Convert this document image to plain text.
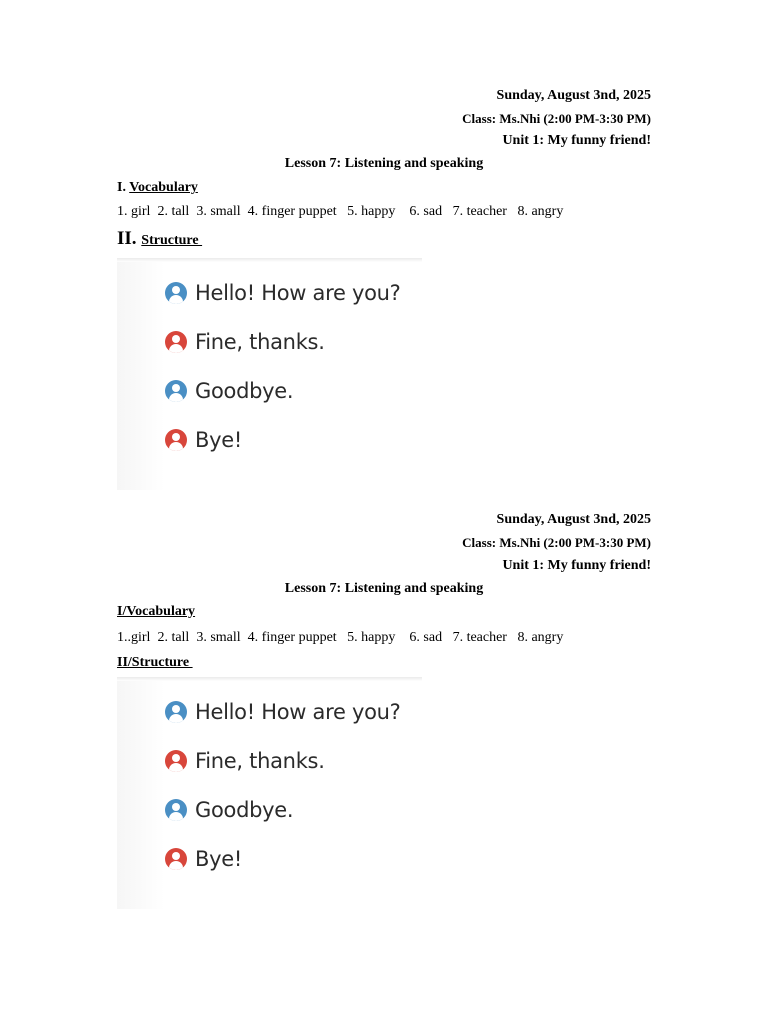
Sunday, August 3nd, 2025
Class: Ms.Nhi (2:00 PM-3:30 PM)
Unit 1: My funny friend!
Lesson 7: Listening and speaking
I. Vocabulary
1. girl  2. tall  3. small  4. finger puppet   5. happy    6. sad   7. teacher   8. angry
II. Structure
Hello! How are you?
Fine, thanks.
Goodbye.
Bye!
Sunday, August 3nd, 2025
Class: Ms.Nhi (2:00 PM-3:30 PM)
Unit 1: My funny friend!
Lesson 7: Listening and speaking
I/Vocabulary
1..girl  2. tall  3. small  4. finger puppet   5. happy    6. sad   7. teacher   8. angry
II/Structure
Hello! How are you?
Fine, thanks.
Goodbye.
Bye!
